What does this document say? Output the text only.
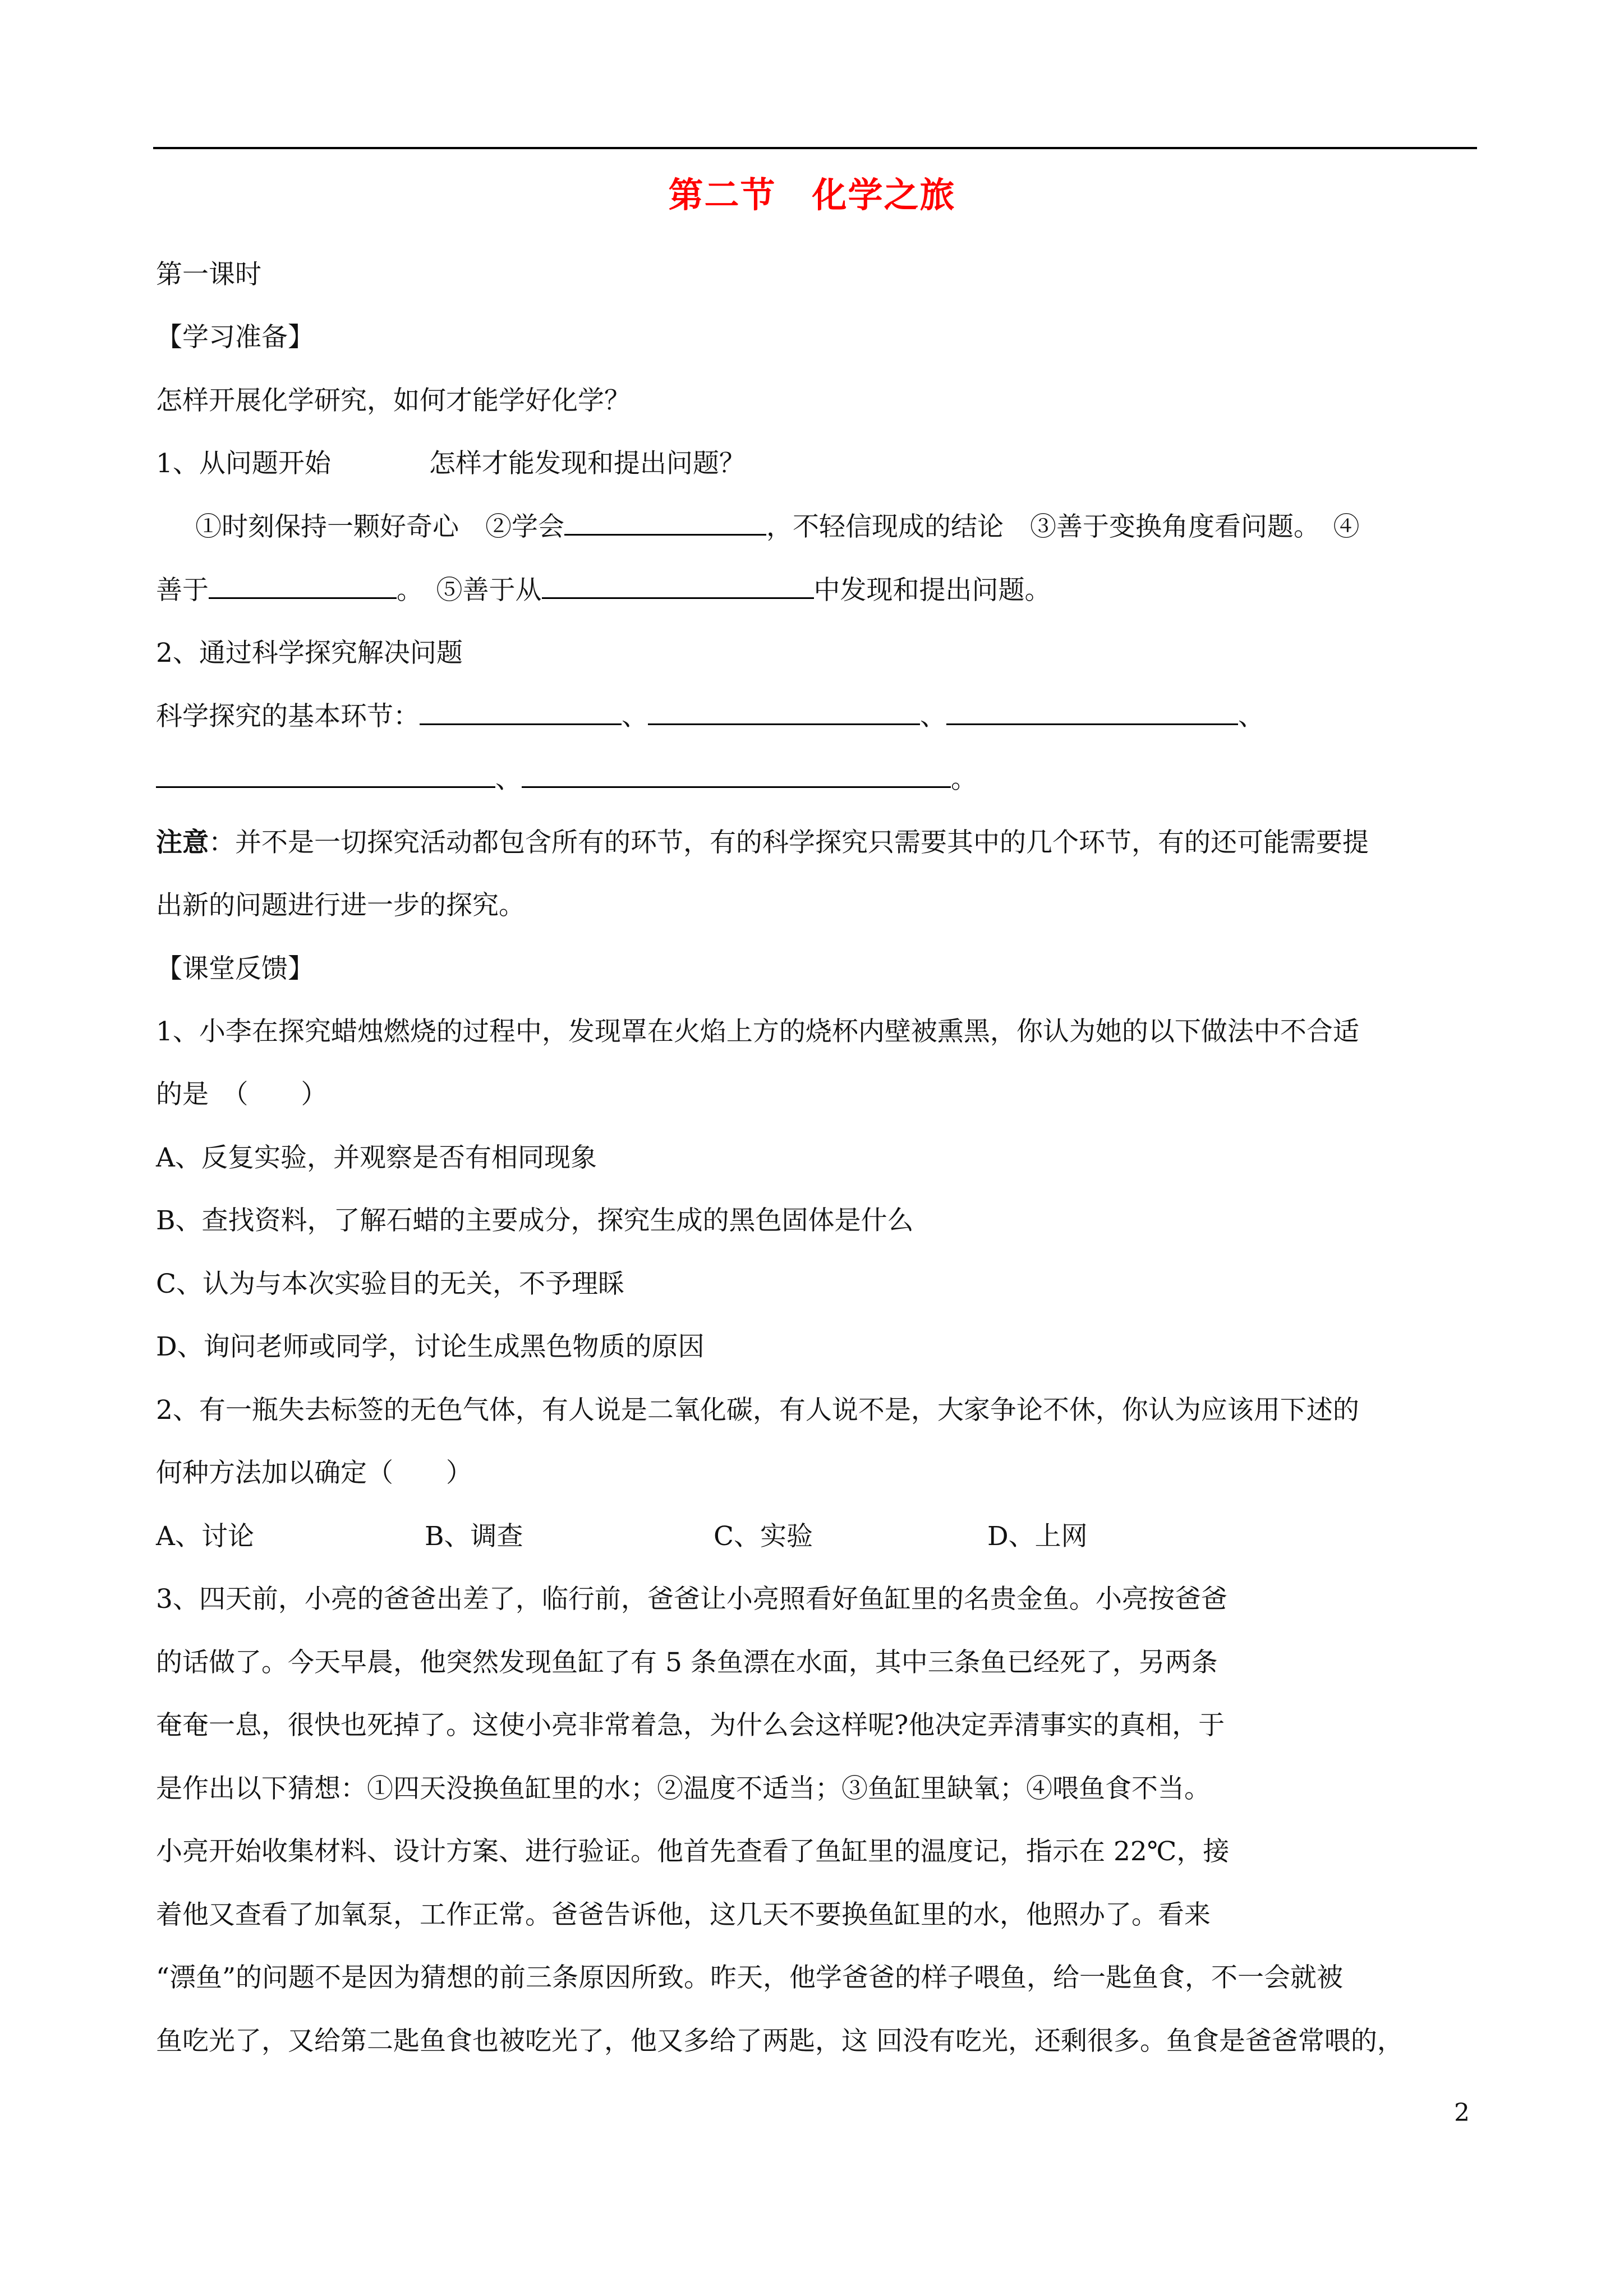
第二节　化学之旅
第一课时
【学习准备】
怎样开展化学研究，如何才能学好化学？
1、从问题开始	怎样才能发现和提出问题？
①时刻保持一颗好奇心　②学会	，不轻信现成的结论　③善于变换角度看问题。　④
善于	。　⑤善于从	中发现和提出问题。
2、通过科学探究解决问题
科学探究的基本环节：	、	、	、
、	。
注意：并不是一切探究活动都包含所有的环节，有的科学探究只需要其中的几个环节，有的还可能需要提
出新的问题进行进一步的探究。
【课堂反馈】
1、小李在探究蜡烛燃烧的过程中，发现罩在火焰上方的烧杯内壁被熏黑，你认为她的以下做法中不合适
的是　（　　）
A、反复实验，并观察是否有相同现象
B、查找资料，了解石蜡的主要成分，探究生成的黑色固体是什么
C、认为与本次实验目的无关，不予理睬
D、询问老师或同学，讨论生成黑色物质的原因
2、有一瓶失去标签的无色气体，有人说是二氧化碳，有人说不是，大家争论不休，你认为应该用下述的
何种方法加以确定（　　）
A、讨论	B、调查	C、实验	D、上网
3、四天前，小亮的爸爸出差了，临行前，爸爸让小亮照看好鱼缸里的名贵金鱼。小亮按爸爸
的话做了。今天早晨，他突然发现鱼缸了有 5 条鱼漂在水面，其中三条鱼已经死了，另两条
奄奄一息，很快也死掉了。这使小亮非常着急，为什么会这样呢?他决定弄清事实的真相，于
是作出以下猜想：①四天没换鱼缸里的水；②温度不适当；③鱼缸里缺氧；④喂鱼食不当。
小亮开始收集材料、设计方案、进行验证。他首先查看了鱼缸里的温度记，指示在 22℃，接
着他又查看了加氧泵，工作正常。爸爸告诉他，这几天不要换鱼缸里的水，他照办了。看来
“漂鱼”的问题不是因为猜想的前三条原因所致。昨天，他学爸爸的样子喂鱼，给一匙鱼食，不一会就被
鱼吃光了，又给第二匙鱼食也被吃光了，他又多给了两匙，这 回没有吃光，还剩很多。鱼食是爸爸常喂的，
2
